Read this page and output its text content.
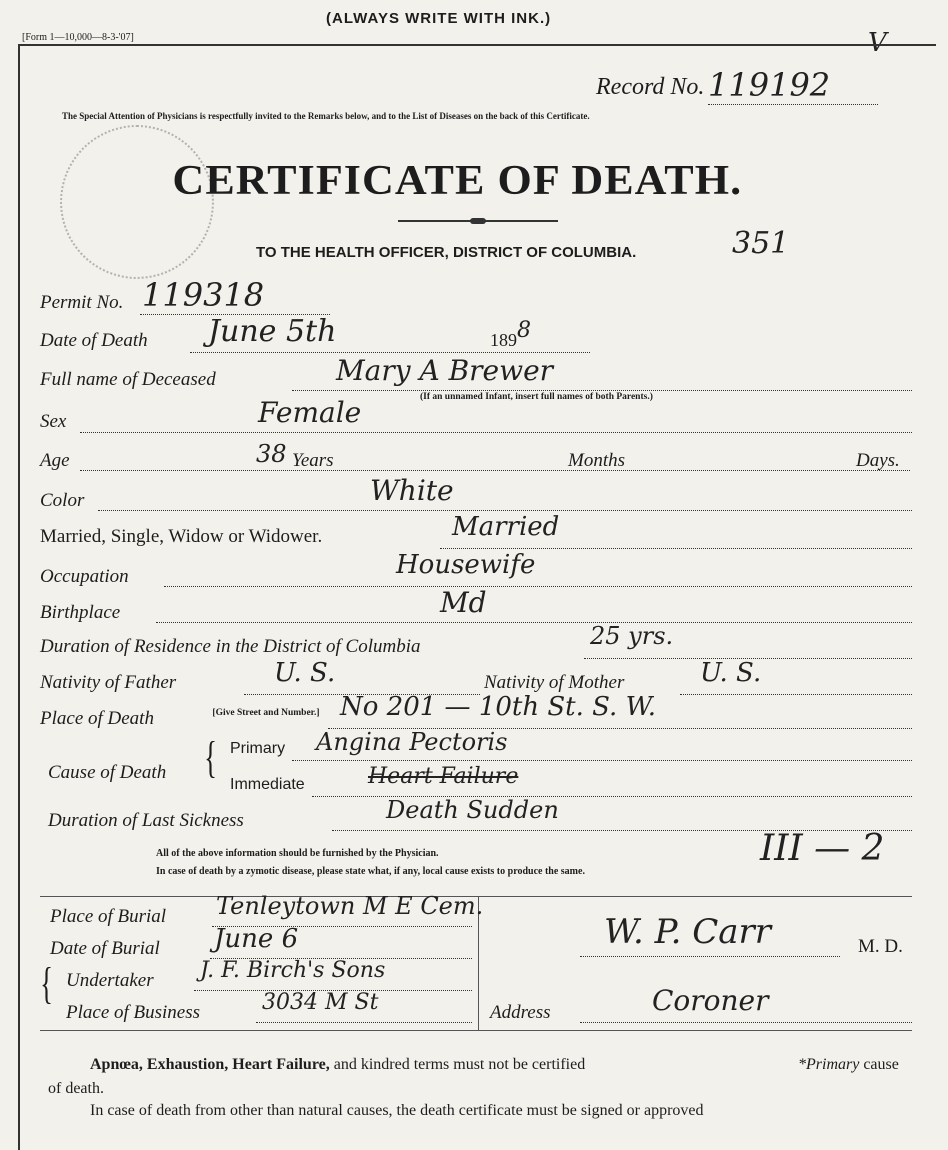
(ALWAYS WRITE WITH INK.)
[Form 1—10,000—8-3-'07]	V
Record No. 119192
The Special Attention of Physicians is respectfully invited to the Remarks below, and to the List of Diseases on the back of this Certificate.
CERTIFICATE OF DEATH.
TO THE HEALTH OFFICER, DISTRICT OF COLUMBIA.	351
Permit No. 119318
Date of Death June 5th	189 8
Full name of Deceased	Mary A Brewer
(If an unnamed Infant, insert full names of both Parents.)
Sex	Female
Age	38 Years	Months	Days.
Color	White
Married, Single, Widow or Widower.	Married
Occupation	Housewife
Birthplace	Md
Duration of Residence in the District of Columbia	25 yrs.
Nativity of Father	U. S.	Nativity of Mother	U. S.
Place of Death	[Give Street and Number.] No 201 — 10th St. S. W.
Cause of Death { Primary Angina Pectoris
Immediate	Heart Failure
Duration of Last Sickness	Death Sudden
All of the above information should be furnished by the Physician.
In case of death by a zymotic disease, please state what, if any, local cause exists to produce the same.
III — 2
Place of Burial Tenleytown M E Cem.
Date of Burial June 6
{ Undertaker J. F. Birch's Sons
Place of Business	3034 M St
W. P. Carr	M. D.
Address	Coroner
Apnœa, Exhaustion, Heart Failure, and kindred terms must not be certified	*Primary cause
of death.
In case of death from other than natural causes, the death certificate must be signed or approved
